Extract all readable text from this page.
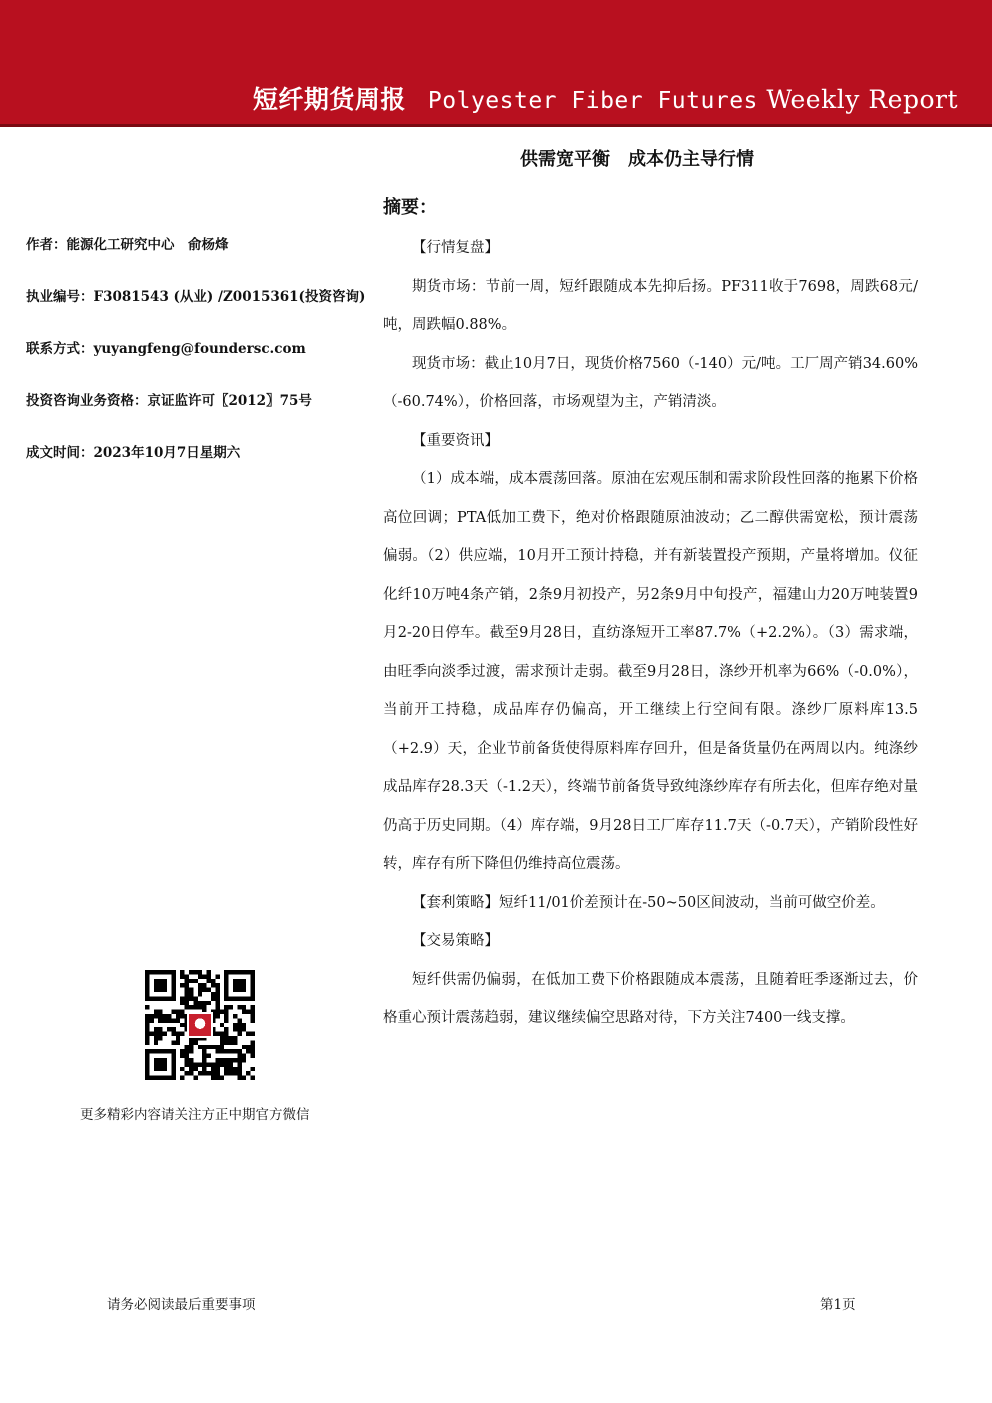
短纤期货周报 Polyester Fiber Futures Weekly Report
供需宽平衡　成本仍主导行情
摘要：
作者：能源化工研究中心　俞杨烽
执业编号：F3081543 (从业) /Z0015361(投资咨询)
联系方式：yuyangfeng@foundersc.com
投资咨询业务资格：京证监许可〖2012〗75号
成文时间：2023年10月7日星期六

【行情复盘】

期货市场：节前一周，短纤跟随成本先抑后扬。PF311收于7698，周跌68元/吨，周跌幅0.88%。

现货市场：截止10月7日，现货价格7560（-140）元/吨。工厂周产销34.60%（-60.74%），价格回落，市场观望为主，产销清淡。

【重要资讯】

（1）成本端，成本震荡回落。原油在宏观压制和需求阶段性回落的拖累下价格高位回调；PTA低加工费下，绝对价格跟随原油波动；乙二醇供需宽松，预计震荡偏弱。（2）供应端，10月开工预计持稳，并有新装置投产预期，产量将增加。仪征化纤10万吨4条产销，2条9月初投产，另2条9月中旬投产，福建山力20万吨装置9月2-20日停车。截至9月28日，直纺涤短开工率87.7%（+2.2%）。（3）需求端，由旺季向淡季过渡，需求预计走弱。截至9月28日，涤纱开机率为66%（-0.0%），当前开工持稳，成品库存仍偏高，开工继续上行空间有限。涤纱厂原料库13.5（+2.9）天，企业节前备货使得原料库存回升，但是备货量仍在两周以内。纯涤纱成品库存28.3天（-1.2天），终端节前备货导致纯涤纱库存有所去化，但库存绝对量仍高于历史同期。（4）库存端，9月28日工厂库存11.7天（-0.7天），产销阶段性好转，库存有所下降但仍维持高位震荡。

【套利策略】短纤11/01价差预计在-50~50区间波动，当前可做空价差。

【交易策略】

短纤供需仍偏弱，在低加工费下价格跟随成本震荡，且随着旺季逐渐过去，价格重心预计震荡趋弱，建议继续偏空思路对待，下方关注7400一线支撑。

更多精彩内容请关注方正中期官方微信
请务必阅读最后重要事项	第1页
